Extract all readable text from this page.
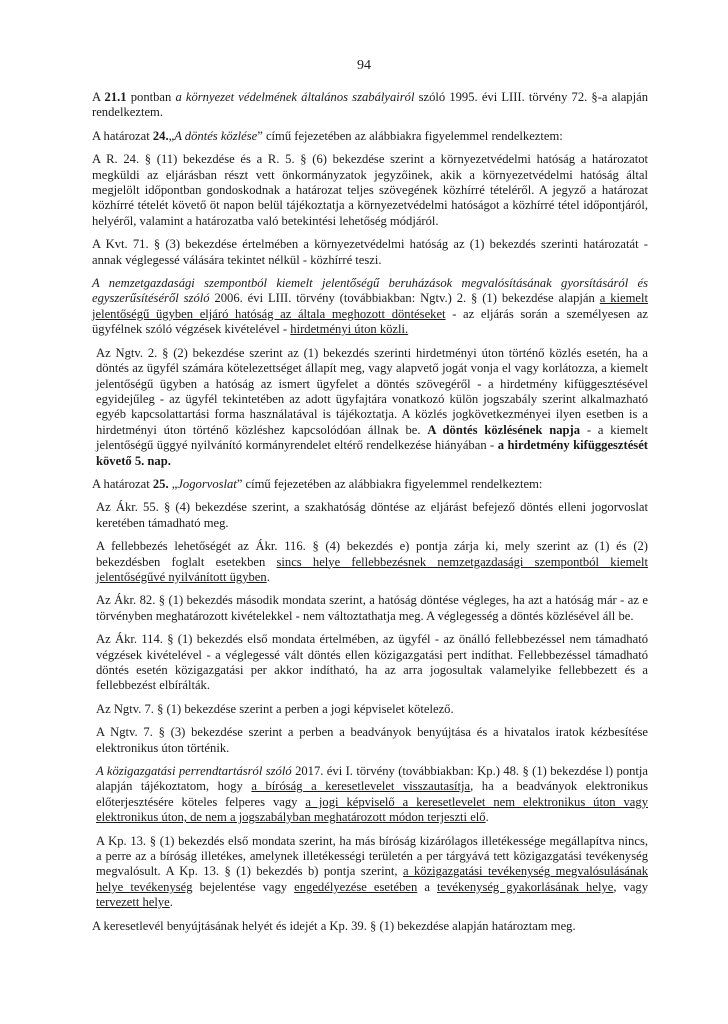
94
A 21.1 pontban a környezet védelmének általános szabályairól szóló 1995. évi LIII. törvény 72. §-a alapján rendelkeztem.
A határozat 24.„A döntés közlése” című fejezetében az alábbiakra figyelemmel rendelkeztem:
A R. 24. § (11) bekezdése és a R. 5. § (6) bekezdése szerint a környezetvédelmi hatóság a határozatot megküldi az eljárásban részt vett önkormányzatok jegyzőinek, akik a környezetvédelmi hatóság által megjelölt időpontban gondoskodnak a határozat teljes szövegének közhírré tételéről. A jegyző a határozat közhírré tételét követő öt napon belül tájékoztatja a környezetvédelmi hatóságot a közhírré tétel időpontjáról, helyéről, valamint a határozatba való betekintési lehetőség módjáról.
A Kvt. 71. § (3) bekezdése értelmében a környezetvédelmi hatóság az (1) bekezdés szerinti határozatát - annak véglegessé válására tekintet nélkül - közhírré teszi.
A nemzetgazdasági szempontból kiemelt jelentőségű beruházások megvalósításának gyorsításáról és egyszerűsítéséről szóló 2006. évi LIII. törvény (továbbiakban: Ngtv.) 2. § (1) bekezdése alapján a kiemelt jelentőségű ügyben eljáró hatóság az általa meghozott döntéseket - az eljárás során a személyesen az ügyfélnek szóló végzések kivételével - hirdetményi úton közli.
Az Ngtv. 2. § (2) bekezdése szerint az (1) bekezdés szerinti hirdetményi úton történő közlés esetén, ha a döntés az ügyfél számára kötelezettséget állapít meg, vagy alapvető jogát vonja el vagy korlátozza, a kiemelt jelentőségű ügyben a hatóság az ismert ügyfelet a döntés szövegéről - a hirdetmény kifüggesztésével egyidejűleg - az ügyfél tekintetében az adott ügyfajtára vonatkozó külön jogszabály szerint alkalmazható egyéb kapcsolattartási forma használatával is tájékoztatja. A közlés jogkövetkezményei ilyen esetben is a hirdetményi úton történő közléshez kapcsolódóan állnak be. A döntés közlésének napja - a kiemelt jelentőségű üggyé nyilvánító kormányrendelet eltérő rendelkezése hiányában - a hirdetmény kifüggesztését követő 5. nap.
A határozat 25. „Jogorvoslat” című fejezetében az alábbiakra figyelemmel rendelkeztem:
Az Ákr. 55. § (4) bekezdése szerint, a szakhatóság döntése az eljárást befejező döntés elleni jogorvoslat keretében támadható meg.
A fellebbezés lehetőségét az Ákr. 116. § (4) bekezdés e) pontja zárja ki, mely szerint az (1) és (2) bekezdésben foglalt esetekben sincs helye fellebbezésnek nemzetgazdasági szempontból kiemelt jelentőségűvé nyilvánított ügyben.
Az Ákr. 82. § (1) bekezdés második mondata szerint, a hatóság döntése végleges, ha azt a hatóság már - az e törvényben meghatározott kivételekkel - nem változtathatja meg. A véglegesség a döntés közlésével áll be.
Az Ákr. 114. § (1) bekezdés első mondata értelmében, az ügyfél - az önálló fellebbezéssel nem támadható végzések kivételével - a véglegessé vált döntés ellen közigazgatási pert indíthat. Fellebbezéssel támadható döntés esetén közigazgatási per akkor indítható, ha az arra jogosultak valamelyike fellebbezett és a fellebbezést elbírálták.
Az Ngtv. 7. § (1) bekezdése szerint a perben a jogi képviselet kötelező.
A Ngtv. 7. § (3) bekezdése szerint a perben a beadványok benyújtása és a hivatalos iratok kézbesítése elektronikus úton történik.
A közigazgatási perrendtartásról szóló 2017. évi I. törvény (továbbiakban: Kp.) 48. § (1) bekezdése l) pontja alapján tájékoztatom, hogy a bíróság a keresetlevelet visszautasítja, ha a beadványok elektronikus előterjesztésére köteles felperes vagy a jogi képviselő a keresetlevelet nem elektronikus úton vagy elektronikus úton, de nem a jogszabályban meghatározott módon terjeszti elő.
A Kp. 13. § (1) bekezdés első mondata szerint, ha más bíróság kizárólagos illetékessége megállapítva nincs, a perre az a bíróság illetékes, amelynek illetékességi területén a per tárgyává tett közigazgatási tevékenység megvalósult. A Kp. 13. § (1) bekezdés b) pontja szerint, a közigazgatási tevékenység megvalósulásának helye tevékenység bejelentése vagy engedélyezése esetében a tevékenység gyakorlásának helye, vagy tervezett helye.
A keresetlevél benyújtásának helyét és idejét a Kp. 39. § (1) bekezdése alapján határoztam meg.
